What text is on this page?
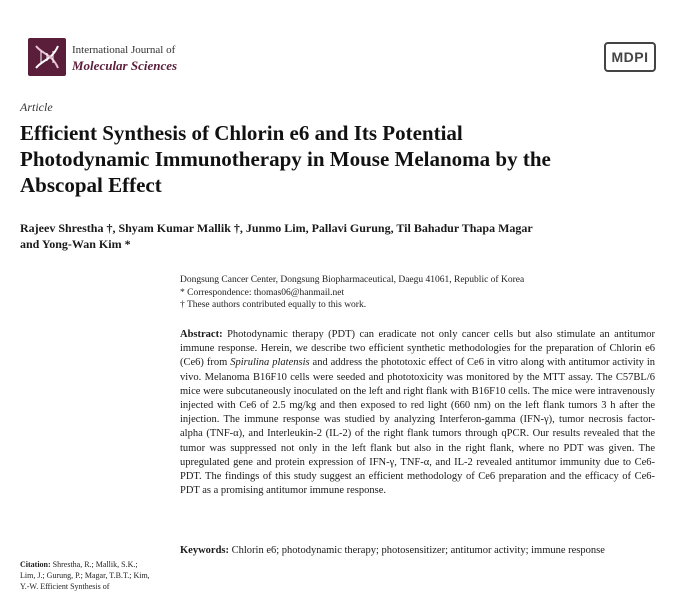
International Journal of
Molecular Sciences
MDPI
Article
Efficient Synthesis of Chlorin e6 and Its Potential Photodynamic Immunotherapy in Mouse Melanoma by the Abscopal Effect
Rajeev Shrestha †, Shyam Kumar Mallik †, Junmo Lim, Pallavi Gurung, Til Bahadur Thapa Magar
and Yong-Wan Kim *
Dongsung Cancer Center, Dongsung Biopharmaceutical, Daegu 41061, Republic of Korea
* Correspondence: thomas06@hanmail.net
† These authors contributed equally to this work.
Abstract: Photodynamic therapy (PDT) can eradicate not only cancer cells but also stimulate an antitumor immune response. Herein, we describe two efficient synthetic methodologies for the preparation of Chlorin e6 (Ce6) from Spirulina platensis and address the phototoxic effect of Ce6 in vitro along with antitumor activity in vivo. Melanoma B16F10 cells were seeded and phototoxicity was monitored by the MTT assay. The C57BL/6 mice were subcutaneously inoculated on the left and right flank with B16F10 cells. The mice were intravenously injected with Ce6 of 2.5 mg/kg and then exposed to red light (660 nm) on the left flank tumors 3 h after the injection. The immune response was studied by analyzing Interferon-gamma (IFN-γ), tumor necrosis factor-alpha (TNF-α), and Interleukin-2 (IL-2) of the right flank tumors through qPCR. Our results revealed that the tumor was suppressed not only in the left flank but also in the right flank, where no PDT was given. The upregulated gene and protein expression of IFN-γ, TNF-α, and IL-2 revealed antitumor immunity due to Ce6-PDT. The findings of this study suggest an efficient methodology of Ce6 preparation and the efficacy of Ce6-PDT as a promising antitumor immune response.
Keywords: Chlorin e6; photodynamic therapy; photosensitizer; antitumor activity; immune response
Citation: Shrestha, R.; Mallik, S.K.; Lim, J.; Gurung, P.; Magar, T.B.T.; Kim, Y.-W. Efficient Synthesis of
